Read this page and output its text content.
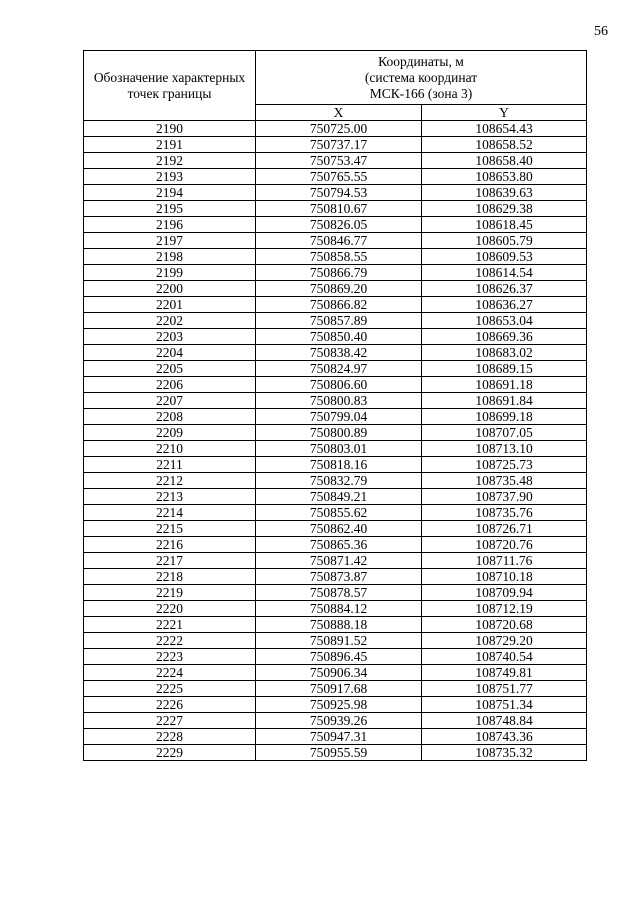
56
Обозначение характерных точек границы	Координаты, м
(система координат
МСК-166 (зона 3)	

	X	Y
2190	750725.00	108654.43
2191	750737.17	108658.52
2192	750753.47	108658.40
2193	750765.55	108653.80
2194	750794.53	108639.63
2195	750810.67	108629.38
2196	750826.05	108618.45
2197	750846.77	108605.79
2198	750858.55	108609.53
2199	750866.79	108614.54
2200	750869.20	108626.37
2201	750866.82	108636.27
2202	750857.89	108653.04
2203	750850.40	108669.36
2204	750838.42	108683.02
2205	750824.97	108689.15
2206	750806.60	108691.18
2207	750800.83	108691.84
2208	750799.04	108699.18
2209	750800.89	108707.05
2210	750803.01	108713.10
2211	750818.16	108725.73
2212	750832.79	108735.48
2213	750849.21	108737.90
2214	750855.62	108735.76
2215	750862.40	108726.71
2216	750865.36	108720.76
2217	750871.42	108711.76
2218	750873.87	108710.18
2219	750878.57	108709.94
2220	750884.12	108712.19
2221	750888.18	108720.68
2222	750891.52	108729.20
2223	750896.45	108740.54
2224	750906.34	108749.81
2225	750917.68	108751.77
2226	750925.98	108751.34
2227	750939.26	108748.84
2228	750947.31	108743.36
2229	750955.59	108735.32
